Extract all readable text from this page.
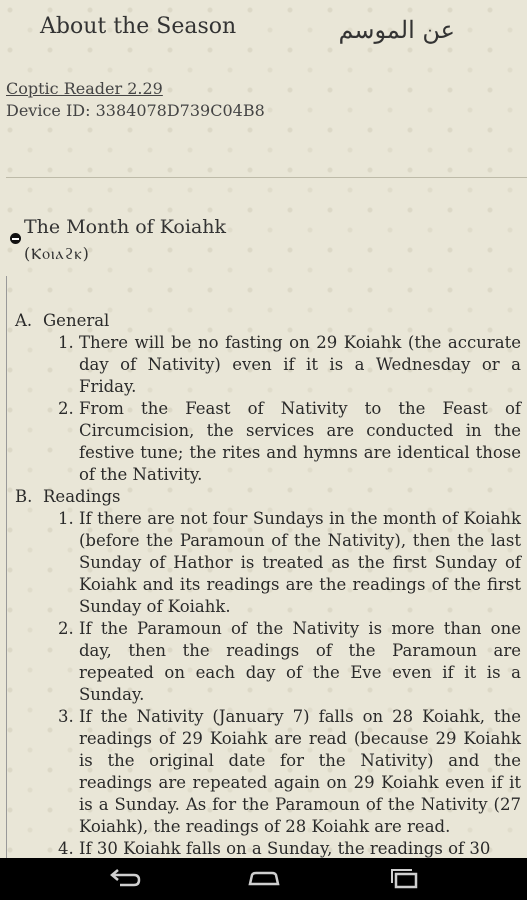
About the Season	عن الموسم
Coptic Reader 2.29
Device ID: 3384078D739C04B8
The Month of Koiahk
(Ⲕⲟⲓⲁϩⲕ)
A. General
1. There will be no fasting on 29 Koiahk (the accurate day of Nativity) even if it is a Wednesday or a Friday.
2. From the Feast of Nativity to the Feast of Circumcision, the services are conducted in the festive tune; the rites and hymns are identical those of the Nativity.
B. Readings
1. If there are not four Sundays in the month of Koiahk (before the Paramoun of the Nativity), then the last Sunday of Hathor is treated as the first Sunday of Koiahk and its readings are the readings of the first Sunday of Koiahk.
2. If the Paramoun of the Nativity is more than one day, then the readings of the Paramoun are repeated on each day of the Eve even if it is a Sunday.
3. If the Nativity (January 7) falls on 28 Koiahk, the readings of 29 Koiahk are read (because 29 Koiahk is the original date for the Nativity) and the readings are repeated again on 29 Koiahk even if it is a Sunday. As for the Paramoun of the Nativity (27 Koiahk), the readings of 28 Koiahk are read.
4. If 30 Koiahk falls on a Sunday, the readings of 30
